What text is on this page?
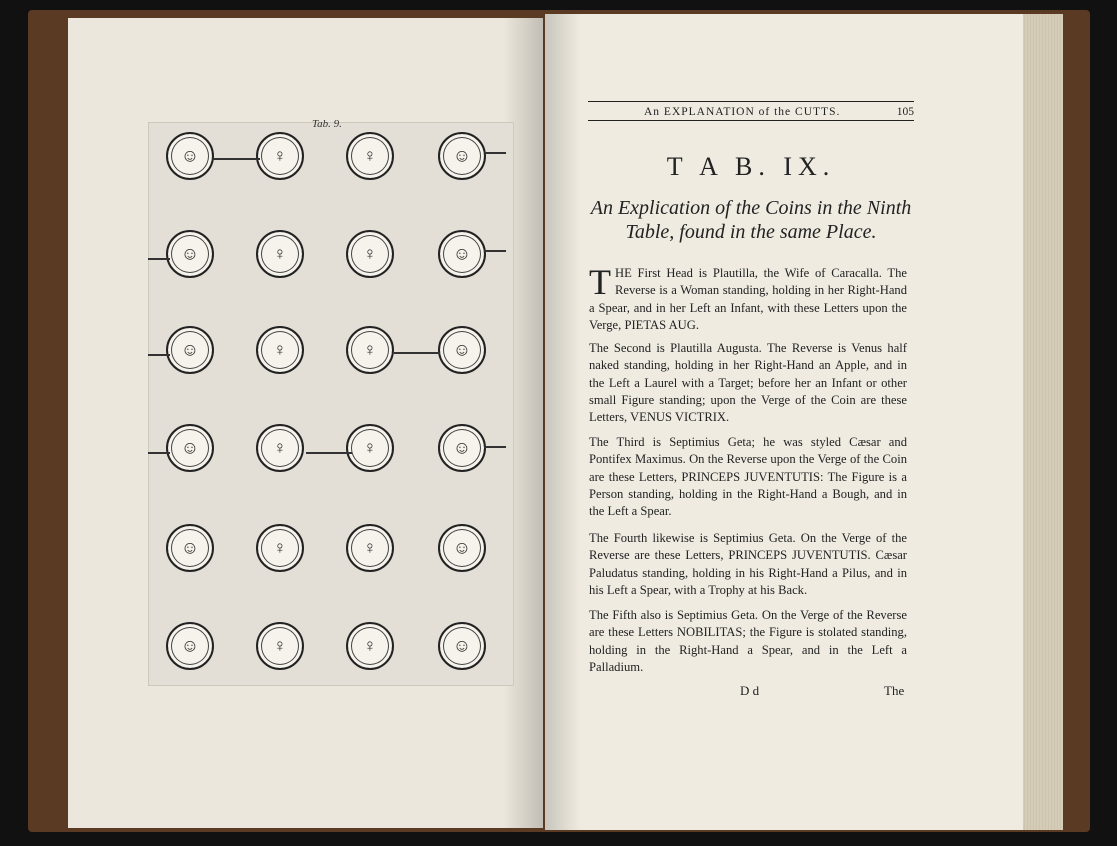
Tab. 9.
☺	♀	♀	☺
☺	♀	♀	☺
☺	♀	♀	☺
☺	♀	♀	☺
☺	♀	♀	☺
☺	♀	♀	☺
An EXPLANATION of the CUTTS.	105
T A B. IX.
An Explication of the Coins in the Ninth Table, found in the same Place.
THE First Head is Plautilla, the Wife of Caracalla. The Reverse is a Woman standing, holding in her Right-Hand a Spear, and in her Left an Infant, with these Letters upon the Verge, PIETAS AUG.
The Second is Plautilla Augusta. The Reverse is Venus half naked standing, holding in her Right-Hand an Apple, and in the Left a Laurel with a Target; before her an Infant or other small Figure standing; upon the Verge of the Coin are these Letters, VENUS VICTRIX.
The Third is Septimius Geta; he was styled Cæsar and Pontifex Maximus. On the Reverse upon the Verge of the Coin are these Letters, PRINCEPS JUVENTUTIS: The Figure is a Person standing, holding in the Right-Hand a Bough, and in the Left a Spear.
The Fourth likewise is Septimius Geta. On the Verge of the Reverse are these Letters, PRINCEPS JUVENTUTIS. Cæsar Paludatus standing, holding in his Right-Hand a Pilus, and in his Left a Spear, with a Trophy at his Back.
The Fifth also is Septimius Geta. On the Verge of the Reverse are these Letters NOBILITAS; the Figure is stolated standing, holding in the Right-Hand a Spear, and in the Left a Palladium.
D d	The
